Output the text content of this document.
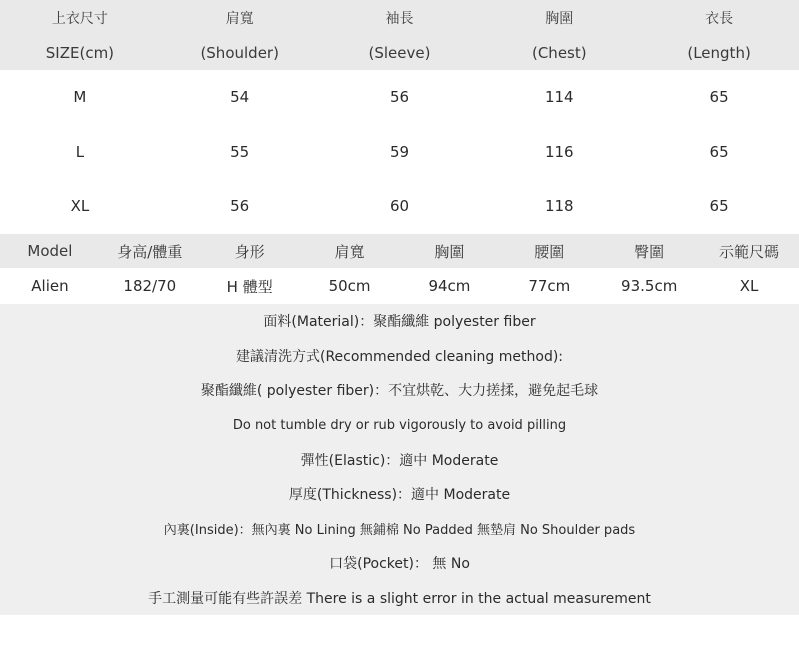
上衣尺寸	肩寬	袖長	胸圍	衣長
SIZE(cm)	(Shoulder)	(Sleeve)	(Chest)	(Length)
M	54	56	114	65
L	55	59	116	65
XL	56	60	118	65
Model	身高/體重	身形	肩寬	胸圍	腰圍	臀圍	示範尺碼
Alien	182/70	H 體型	50cm	94cm	77cm	93.5cm	XL
面料(Material)：聚酯纖維 polyester fiber
建議清洗方式(Recommended cleaning method):
聚酯纖維( polyester fiber)：不宜烘乾、大力搓揉，避免起毛球
Do not tumble dry or rub vigorously to avoid pilling
彈性(Elastic)：適中 Moderate
厚度(Thickness)：適中 Moderate
內裏(Inside)：無內裏 No Lining 無鋪棉 No Padded 無墊肩 No Shoulder pads
口袋(Pocket)： 無 No
手工測量可能有些許誤差 There is a slight error in the actual measurement
